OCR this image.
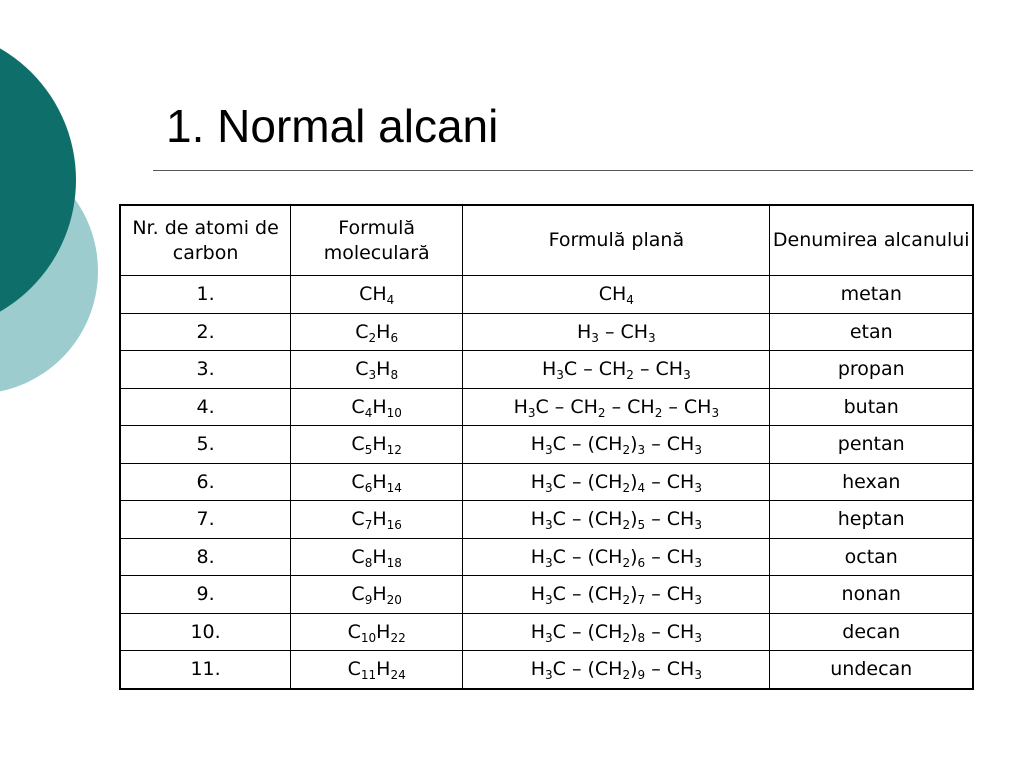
1. Normal alcani
Nr. de atomi de carbon	Formulă moleculară	Formulă plană	Denumirea alcanului
1.	$CH_4$	$CH_4$	metan
2.	$C_2H_6$	$H_3 - CH_3$	etan
3.	$C_3H_8$	$H_3C - CH_2 - CH_3$	propan
4.	$C_4H_{10}$	$H_3C - CH_2 - CH_2 - CH_3$	butan
5.	$C_5H_{12}$	$H_3C - (CH_2)_3 - CH_3$	pentan
6.	$C_6H_{14}$	$H_3C - (CH_2)_4 - CH_3$	hexan
7.	$C_7H_{16}$	$H_3C - (CH_2)_5 - CH_3$	heptan
8.	$C_8H_{18}$	$H_3C - (CH_2)_6 - CH_3$	octan
9.	$C_9H_{20}$	$H_3C - (CH_2)_7 - CH_3$	nonan
10.	$C_{10}H_{22}$	$H_3C - (CH_2)_8 - CH_3$	decan
11.	$C_{11}H_{24}$	$H_3C - (CH_2)_9 - CH_3$	undecan
